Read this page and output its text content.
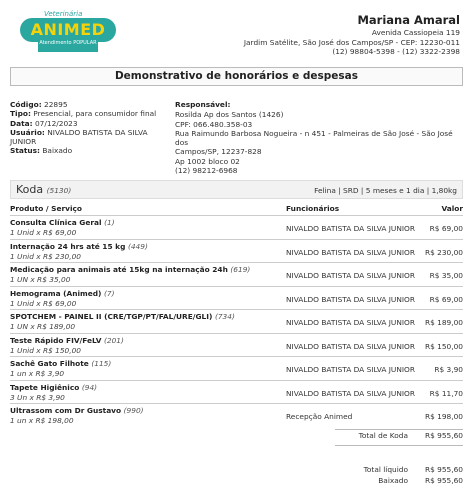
Veterinária
ANIMED
Atendimento POPULAR
Mariana Amaral
Avenida Cassiopeia 119
Jardim Satélite, São José dos Campos/SP - CEP: 12230-011
(12) 98804-5398 - (12) 3322-2398
Demonstrativo de honorários e despesas
Código: 22895
Tipo: Presencial, para consumidor final
Data: 07/12/2023
Usuário: NIVALDO BATISTA DA SILVA JUNIOR
Status: Baixado
Responsável:
Rosilda Ap dos Santos (1426)
CPF: 066.480.358-03
Rua Raimundo Barbosa Nogueira - n 451 - Palmeiras de São José - São José dos
Campos/SP, 12237-828
Ap 1002 bloco 02
(12) 98212-6968
Koda (5130)	Felina | SRD | 5 meses e 1 dia | 1,80kg
Produto / Serviço	Funcionários	Valor
Consulta Clínica Geral (1)
1 Unid x R$ 69,00	NIVALDO BATISTA DA SILVA JUNIOR R$ 69,00
Internação 24 hrs até 15 kg (449)
1 Unid x R$ 230,00	NIVALDO BATISTA DA SILVA JUNIOR R$ 230,00
Medicação para animais até 15kg na internação 24h (619)
1 UN x R$ 35,00	NIVALDO BATISTA DA SILVA JUNIOR R$ 35,00
Hemograma (Animed) (7)
1 Unid x R$ 69,00	NIVALDO BATISTA DA SILVA JUNIOR R$ 69,00
SPOTCHEM - PAINEL II (CRE/TGP/PT/FAL/URE/GLI) (734)
1 UN x R$ 189,00	NIVALDO BATISTA DA SILVA JUNIOR R$ 189,00
Teste Rápido FIV/FeLV (201)
1 Unid x R$ 150,00	NIVALDO BATISTA DA SILVA JUNIOR R$ 150,00
Sachê Gato Filhote (115)
1 un x R$ 3,90	NIVALDO BATISTA DA SILVA JUNIOR	R$ 3,90
Tapete Higiênico (94)
3 Un x R$ 3,90	NIVALDO BATISTA DA SILVA JUNIOR R$ 11,70
Ultrassom com Dr Gustavo (990)
1 un x R$ 198,00	Recepção Animed	R$ 198,00
Total de Koda R$ 955,60
Total líquido R$ 955,60
Baixado R$ 955,60
